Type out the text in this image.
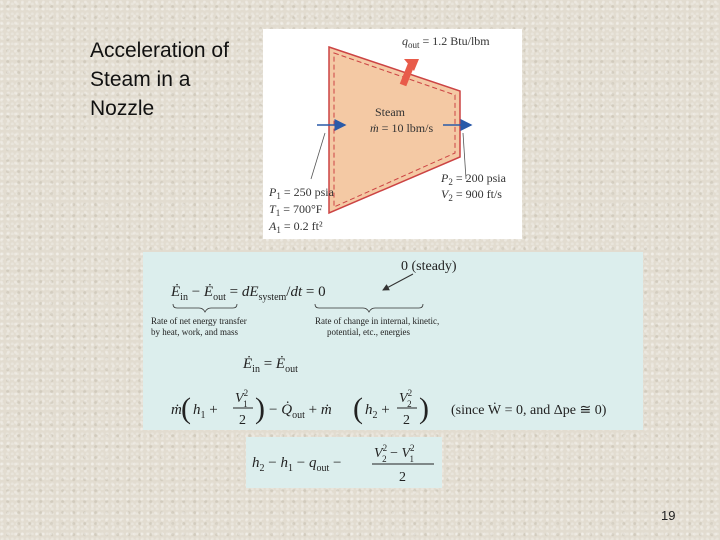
Acceleration of Steam in a Nozzle
$q_{out} = 1.2$ Btu/lbm
Steam
ṁ = 10 lbm/s
$P_1 = 250$ psia
$T_1 = 700^\circ F$
$A_1 = 0.2$ ft²
$P_2 = 200$ psia
$V_2 = 900$ ft/s
0 (steady)
$Ė_{in}$ − $Ė_{out} = dE_{system}/dt = 0$
Rate of net energy transfer
by heat, work, and mass
Rate of change in internal, kinetic,
potential, etc., energies
$Ė_{in}$ = $Ė_{out}$
ṁ ( $h_1$ +
$V^2$ 1
2 ) − $Q̇_{out}$ + ṁ ( $h_2$ +
$V^2$ 2
2 ) (since Ẇ = 0, and Δpe ≅ 0)
$h_2 - h_1 - q_{out}$ −
$V^2$ $2 - V^2$ 1
2
19
